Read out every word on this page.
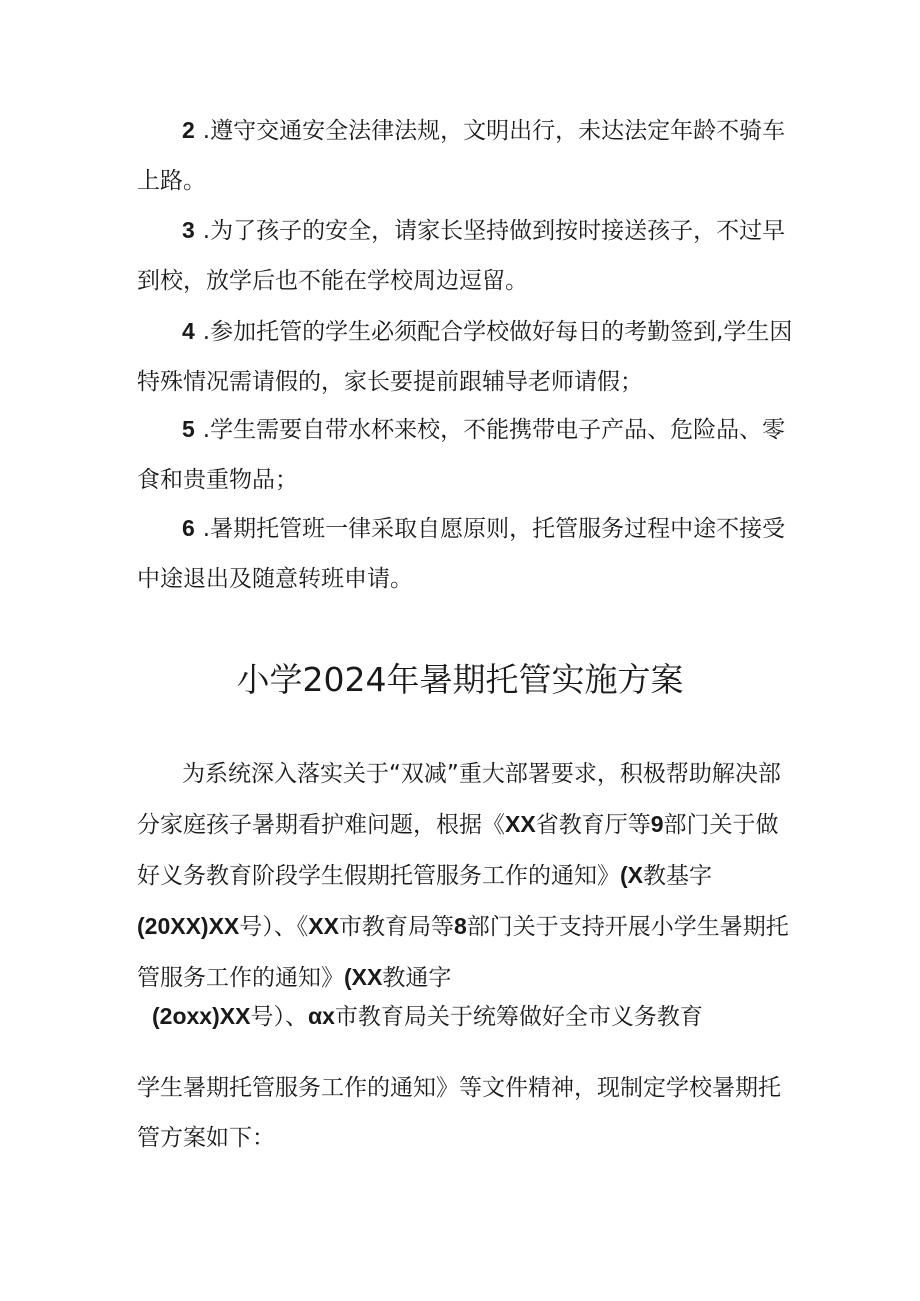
2 .遵守交通安全法律法规，文明出行，未达法定年龄不骑车上路。

3 .为了孩子的安全，请家长坚持做到按时接送孩子，不过早到校，放学后也不能在学校周边逗留。

4 .参加托管的学生必须配合学校做好每日的考勤签到,学生因特殊情况需请假的，家长要提前跟辅导老师请假；

5 .学生需要自带水杯来校，不能携带电子产品、危险品、零食和贵重物品；

6 .暑期托管班一律采取自愿原则，托管服务过程中途不接受中途退出及随意转班申请。

小学2024年暑期托管实施方案

为系统深入落实关于“双减”重大部署要求，积极帮助解决部分家庭孩子暑期看护难问题，根据《XX省教育厅等9部门关于做好义务教育阶段学生假期托管服务工作的通知》(X教基字(20XX)XX号）、《XX市教育局等8部门关于支持开展小学生暑期托管服务工作的通知》(XX教通字

(2oxx)XX号）、αx市教育局关于统筹做好全市义务教育

学生暑期托管服务工作的通知》等文件精神，现制定学校暑期托管方案如下：
